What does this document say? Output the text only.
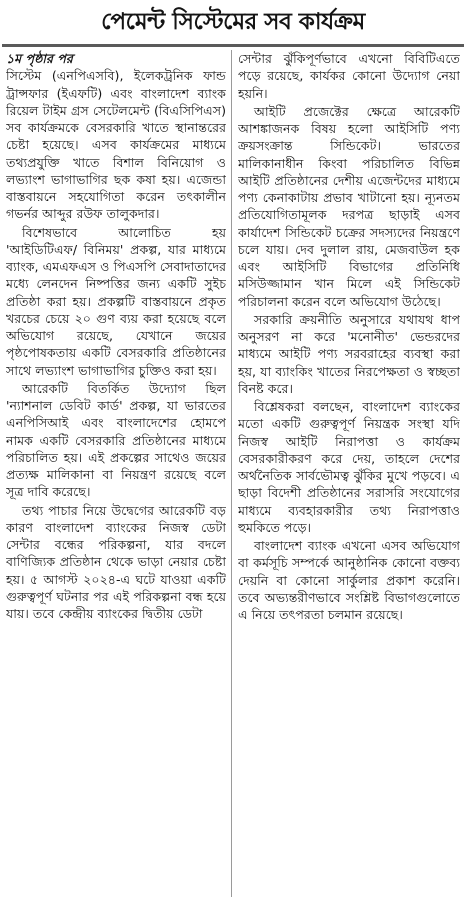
পেমেন্ট সিস্টেমের সব কার্যক্রম
১ম পৃষ্ঠার পর

সিস্টেম (এনপিএসবি), ইলেকট্রনিক ফান্ড ট্রান্সফার (ইএফটি) এবং বাংলাদেশ ব্যাংক রিয়েল টাইম গ্রস সেটেলমেন্ট (বিএসিপিএস) সব কার্যক্রমকে বেসরকারি খাতে স্থানান্তরের চেষ্টা হয়েছে। এসব কার্যক্রমের মাধ্যমে তথ্যপ্রযুক্তি খাতে বিশাল বিনিয়োগ ও লভ্যাংশ ভাগাভাগির ছক কষা হয়। এজেন্ডা বাস্তবায়নে সহযোগিতা করেন তৎকালীন গভর্নর আব্দুর রউফ তালুকদার।

বিশেষভাবে আলোচিত হয় 'আইডিটিএফ/ বিনিময়' প্রকল্প, যার মাধ্যমে ব্যাংক, এমএফএস ও পিএসপি সেবাদাতাদের মধ্যে লেনদেন নিষ্পত্তির জন্য একটি সুইচ প্রতিষ্ঠা করা হয়। প্রকল্পটি বাস্তবায়নে প্রকৃত খরচের চেয়ে ২০ গুণ ব্যয় করা হয়েছে বলে অভিযোগ রয়েছে, যেখানে জয়ের পৃষ্ঠপোষকতায় একটি বেসরকারি প্রতিষ্ঠানের সাথে লভ্যাংশ ভাগাভাগির চুক্তিও করা হয়।

আরেকটি বিতর্কিত উদ্যোগ ছিল 'ন্যাশনাল ডেবিট কার্ড' প্রকল্প, যা ভারতের এনপিসিআই এবং বাংলাদেশের হোমপে নামক একটি বেসরকারি প্রতিষ্ঠানের মাধ্যমে পরিচালিত হয়। এই প্রকল্পের সাথেও জয়ের প্রত্যক্ষ মালিকানা বা নিয়ন্ত্রণ রয়েছে বলে সূত্র দাবি করেছে।

তথ্য পাচার নিয়ে উদ্বেগের আরেকটি বড় কারণ বাংলাদেশ ব্যাংকের নিজস্ব ডেটা সেন্টার বন্ধের পরিকল্পনা, যার বদলে বাণিজ্যিক প্রতিষ্ঠান থেকে ভাড়া নেয়ার চেষ্টা হয়। ৫ আগস্ট ২০২৪-এ ঘটে যাওয়া একটি গুরুত্বপূর্ণ ঘটনার পর এই পরিকল্পনা বন্ধ হয়ে যায়। তবে কেন্দ্রীয় ব্যাংকের দ্বিতীয় ডেটা

সেন্টার ঝুঁকিপূর্ণভাবে এখনো বিবিটিএতে পড়ে রয়েছে, কার্যকর কোনো উদ্যোগ নেয়া হয়নি।

আইটি প্রজেক্টের ক্ষেত্রে আরেকটি আশঙ্কাজনক বিষয় হলো আইসিটি পণ্য ক্রয়সংক্রান্ত সিন্ডিকেট। ভারতের মালিকানাধীন কিংবা পরিচালিত বিভিন্ন আইটি প্রতিষ্ঠানের দেশীয় এজেন্টদের মাধ্যমে পণ্য কেনাকাটায় প্রভাব খাটানো হয়। ন্যূনতম প্রতিযোগিতামূলক দরপত্র ছাড়াই এসব কার্যাদেশ সিন্ডিকেট চক্রের সদস্যদের নিয়ন্ত্রণে চলে যায়। দেব দুলাল রায়, মেজবাউল হক এবং আইসিটি বিভাগের প্রতিনিধি মসিউজ্জামান খান মিলে এই সিন্ডিকেট পরিচালনা করেন বলে অভিযোগ উঠেছে।

সরকারি ক্রয়নীতি অনুসারে যথাযথ ধাপ অনুসরণ না করে 'মনোনীত' ভেন্ডরদের মাধ্যমে আইটি পণ্য সরবরাহের ব্যবস্থা করা হয়, যা ব্যাংকিং খাতের নিরপেক্ষতা ও স্বচ্ছতা বিনষ্ট করে।

বিশ্লেষকরা বলছেন, বাংলাদেশ ব্যাংকের মতো একটি গুরুত্বপূর্ণ নিয়ন্ত্রক সংস্থা যদি নিজস্ব আইটি নিরাপত্তা ও কার্যক্রম বেসরকারীকরণ করে দেয়, তাহলে দেশের অর্থনৈতিক সার্বভৌমত্ব ঝুঁকির মুখে পড়বে। এ ছাড়া বিদেশী প্রতিষ্ঠানের সরাসরি সংযোগের মাধ্যমে ব্যবহারকারীর তথ্য নিরাপত্তাও হুমকিতে পড়ে।

বাংলাদেশ ব্যাংক এখনো এসব অভিযোগ বা কর্মসূচি সম্পর্কে আনুষ্ঠানিক কোনো বক্তব্য দেয়নি বা কোনো সার্কুলার প্রকাশ করেনি। তবে অভ্যন্তরীণভাবে সংশ্লিষ্ট বিভাগগুলোতে এ নিয়ে তৎপরতা চলমান রয়েছে।
